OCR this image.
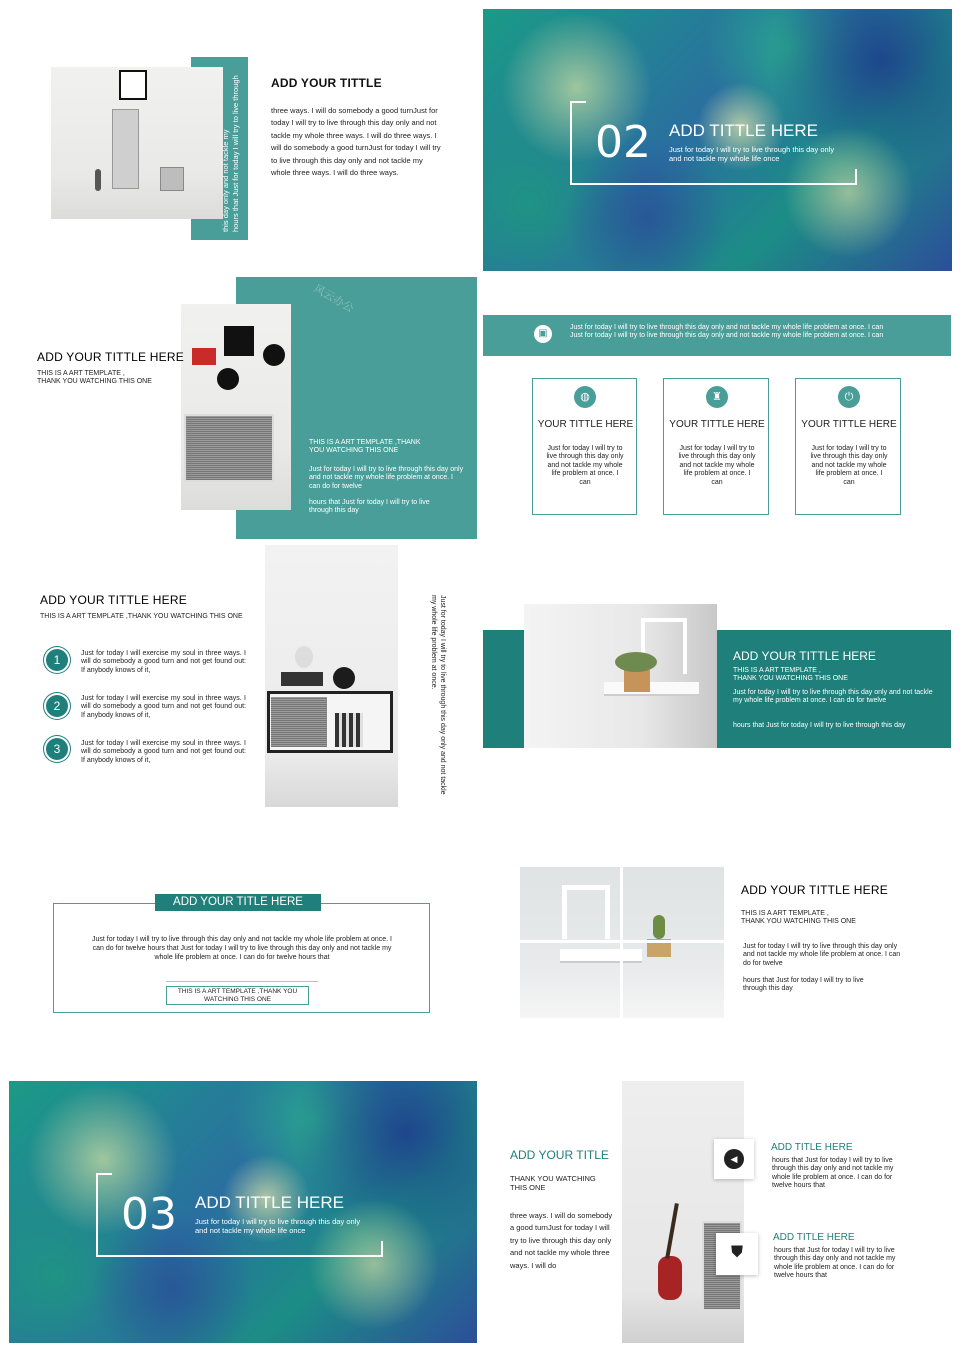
hours that Just for today I will try to live through this day only and not tackle my
ADD YOUR TITTLE
three ways. I will do somebody a good turnJust for today I will try to live through this day only and not tackle my whole three ways. I will do three ways. I will do somebody a good turnJust for today I will try to live through this day only and not tackle my whole three ways. I will do three ways.
02 ADD TITTLE HERE
Just for today I will try to live through this day only and not tackle my whole life once
风云办公
ADD YOUR TITTLE HERE
THIS IS A ART TEMPLATE ,
THANK YOU WATCHING THIS ONE
THIS IS A ART TEMPLATE ,THANK YOU WATCHING THIS ONE
Just for today I will try to live through this day only and not tackle my whole life problem at once. I can do for twelve
hours that Just for today I will try to live through this day
▣
Just for today I will try to live through this day only and not tackle my whole life problem at once. I can Just for today I will try to live through this day only and not tackle my whole life problem at once. I can
◍
YOUR TITTLE HERE
Just for today I will try to live through this day only and not tackle my whole life problem at once. I can
♜
YOUR TITTLE HERE
Just for today I will try to live through this day only and not tackle my whole life problem at once. I can
⏻
YOUR TITTLE HERE
Just for today I will try to live through this day only and not tackle my whole life problem at once. I can
ADD YOUR TITTLE HERE
THIS IS A ART TEMPLATE ,THANK YOU WATCHING THIS ONE
1	Just for today I will exercise my soul in three ways. I will do somebody a good turn and not get found out: If anybody knows of it,
2
Just for today I will exercise my soul in three ways. I will do somebody a good turn and not get found out: If anybody knows of it,
3	Just for today I will exercise my soul in three ways. I will do somebody a good turn and not get found out: If anybody knows of it,	Just for today I will try to live through this day only and not tackle my whole life problem at once.	ADD YOUR TITTLE HERE
THIS IS A ART TEMPLATE ,
THANK YOU WATCHING THIS ONE
Just for today I will try to live through this day only and not tackle my whole life problem at once. I can do for twelve
hours that Just for today I will try to live through this day
ADD YOUR TITLE HERE
Just for today I will try to live through this day only and not tackle my whole life problem at once. I can do for twelve hours that Just for today I will try to live through this day only and not tackle my whole life problem at once. I can do for twelve hours that
THIS IS A ART TEMPLATE ,THANK YOU WATCHING THIS ONE
ADD YOUR TITTLE HERE
THIS IS A ART TEMPLATE ,
THANK YOU WATCHING THIS ONE
Just for today I will try to live through this day only and not tackle my whole life problem at once. I can do for twelve
hours that Just for today I will try to live through this day
03 ADD TITTLE HERE
Just for today I will try to live through this day only and not tackle my whole life once
◀
⛊
ADD YOUR TITLE
THANK YOU WATCHING THIS ONE
three ways. I will do somebody a good turnJust for today I will try to live through this day only and not tackle my whole three ways. I will do
ADD TITLE HERE
hours that Just for today I will try to live through this day only and not tackle my whole life problem at once. I can do for twelve hours that
ADD TITLE HERE
hours that Just for today I will try to live through this day only and not tackle my whole life problem at once. I can do for twelve hours that
